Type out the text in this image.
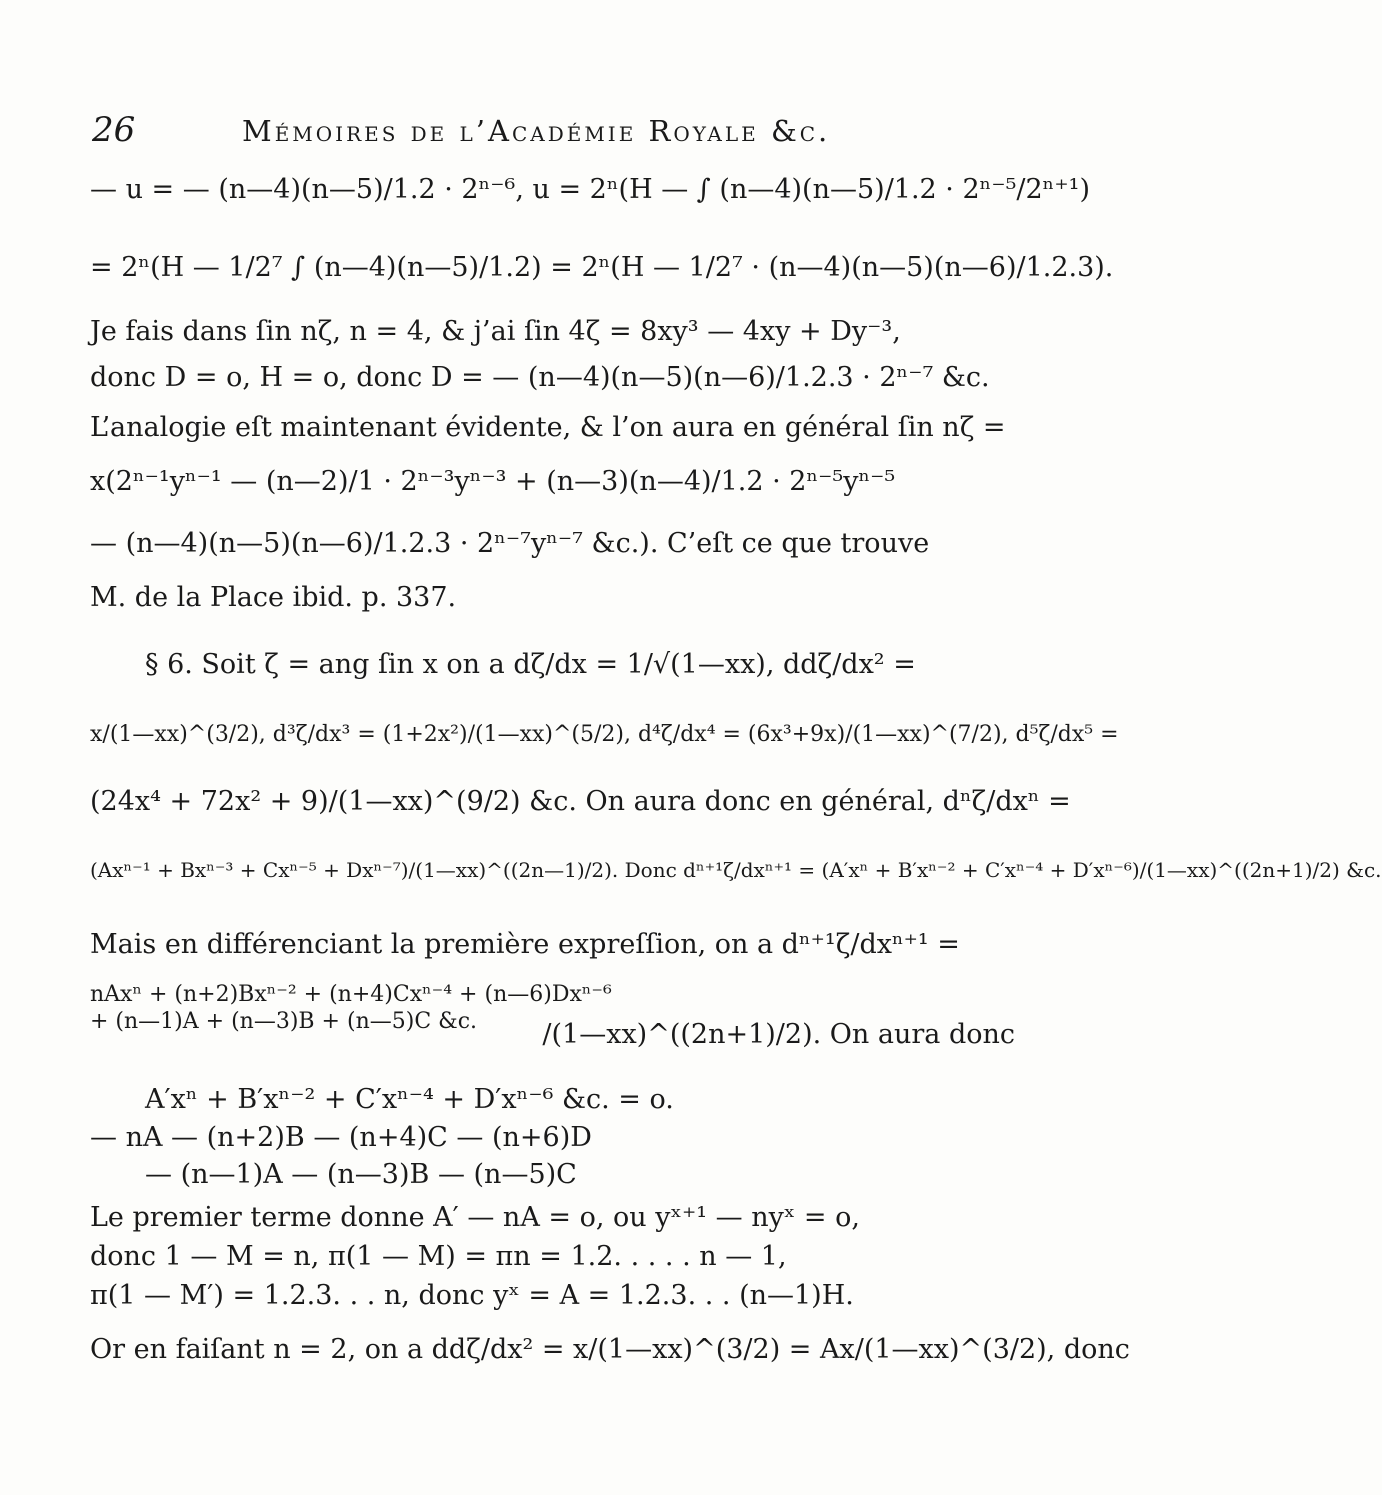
26	Mémoires de l’Académie Royale &c.
— u = — (n—4)(n—5)/1.2 · 2ⁿ⁻⁶, u = 2ⁿ(H — ∫ (n—4)(n—5)/1.2 · 2ⁿ⁻⁵/2ⁿ⁺¹)
= 2ⁿ(H — 1/2⁷ ∫ (n—4)(n—5)/1.2) = 2ⁿ(H — 1/2⁷ · (n—4)(n—5)(n—6)/1.2.3).
Je fais dans ſin nζ, n = 4, & j’ai ſin 4ζ = 8xy³ — 4xy + Dy⁻³,
donc D = o, H = o, donc D = — (n—4)(n—5)(n—6)/1.2.3 · 2ⁿ⁻⁷ &c.
L’analogie eſt maintenant évidente, & l’on aura en général ſin nζ =
x(2ⁿ⁻¹yⁿ⁻¹ — (n—2)/1 · 2ⁿ⁻³yⁿ⁻³ + (n—3)(n—4)/1.2 · 2ⁿ⁻⁵yⁿ⁻⁵
— (n—4)(n—5)(n—6)/1.2.3 · 2ⁿ⁻⁷yⁿ⁻⁷ &c.). C’eſt ce que trouve
M. de la Place ibid. p. 337.
§ 6. Soit ζ = ang ſin x on a dζ/dx = 1/√(1—xx), ddζ/dx² =
x/(1—xx)^(3/2), d³ζ/dx³ = (1+2x²)/(1—xx)^(5/2), d⁴ζ/dx⁴ = (6x³+9x)/(1—xx)^(7/2), d⁵ζ/dx⁵ =
(24x⁴ + 72x² + 9)/(1—xx)^(9/2) &c. On aura donc en général, dⁿζ/dxⁿ =
(Axⁿ⁻¹ + Bxⁿ⁻³ + Cxⁿ⁻⁵ + Dxⁿ⁻⁷)/(1—xx)^((2n—1)/2). Donc dⁿ⁺¹ζ/dxⁿ⁺¹ = (A′xⁿ + B′xⁿ⁻² + C′xⁿ⁻⁴ + D′xⁿ⁻⁶)/(1—xx)^((2n+1)/2) &c.
Mais en différenciant la première expreſſion, on a dⁿ⁺¹ζ/dxⁿ⁺¹ =
nAxⁿ + (n+2)Bxⁿ⁻² + (n+4)Cxⁿ⁻⁴ + (n—6)Dxⁿ⁻⁶
+ (n—1)A + (n—3)B + (n—5)C &c.	/(1—xx)^((2n+1)/2). On aura donc
A′xⁿ + B′xⁿ⁻² + C′xⁿ⁻⁴ + D′xⁿ⁻⁶ &c. = o.
— nA — (n+2)B — (n+4)C — (n+6)D
— (n—1)A — (n—3)B — (n—5)C
Le premier terme donne A′ — nA = o, ou yˣ⁺¹ — nyˣ = o,
donc 1 — M = n, π(1 — M) = πn = 1.2. . . . . n — 1,
π(1 — M′) = 1.2.3. . . n, donc yˣ = A = 1.2.3. . . (n—1)H.
Or en faiſant n = 2, on a ddζ/dx² = x/(1—xx)^(3/2) = Ax/(1—xx)^(3/2), donc
